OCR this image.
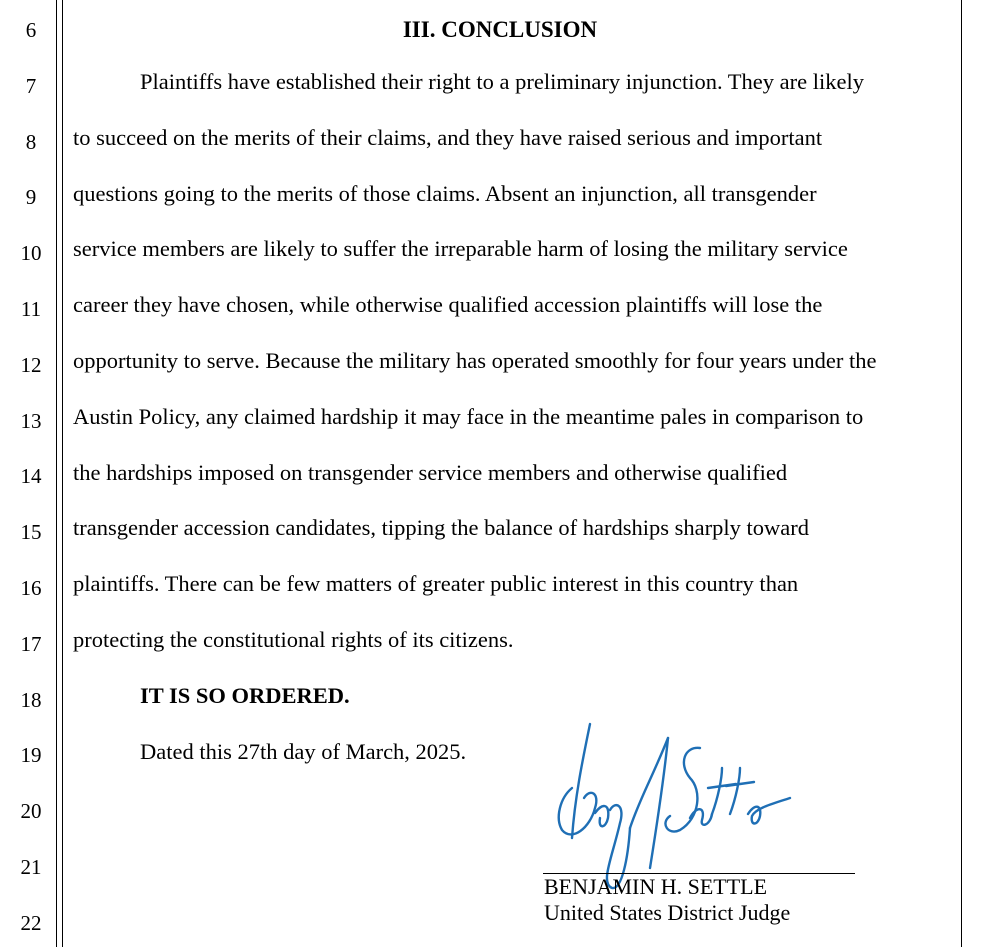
6
7
8
9
10
11
12
13
14
15
16
17
18
19
20
21
22
III. CONCLUSION
Plaintiffs have established their right to a preliminary injunction. They are likely
to succeed on the merits of their claims, and they have raised serious and important
questions going to the merits of those claims. Absent an injunction, all transgender
service members are likely to suffer the irreparable harm of losing the military service
career they have chosen, while otherwise qualified accession plaintiffs will lose the
opportunity to serve. Because the military has operated smoothly for four years under the
Austin Policy, any claimed hardship it may face in the meantime pales in comparison to
the hardships imposed on transgender service members and otherwise qualified
transgender accession candidates, tipping the balance of hardships sharply toward
plaintiffs. There can be few matters of greater public interest in this country than
protecting the constitutional rights of its citizens.
IT IS SO ORDERED.
Dated this 27th day of March, 2025.
BENJAMIN H. SETTLE
United States District Judge
